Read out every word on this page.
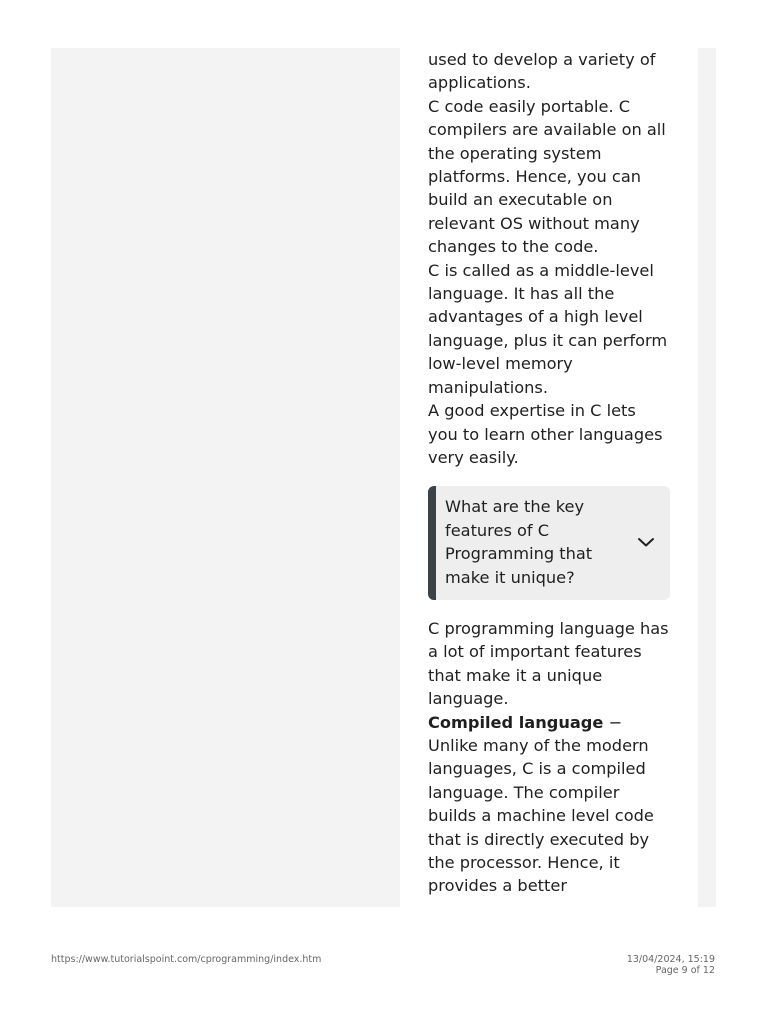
used to develop a variety of applications.

C code easily portable. C compilers are available on all the operating system platforms. Hence, you can build an executable on relevant OS without many changes to the code.

C is called as a middle-level language. It has all the advantages of a high level language, plus it can perform low-level memory manipulations.

A good expertise in C lets you to learn other languages very easily.

What are the key features of C Programming that make it unique?

C programming language has a lot of important features that make it a unique language.

Compiled language − Unlike many of the modern languages, C is a compiled language. The compiler builds a machine level code that is directly executed by the processor. Hence, it provides a better

https://www.tutorialspoint.com/cprogramming/index.htm	13/04/2024, 15:19
Page 9 of 12
